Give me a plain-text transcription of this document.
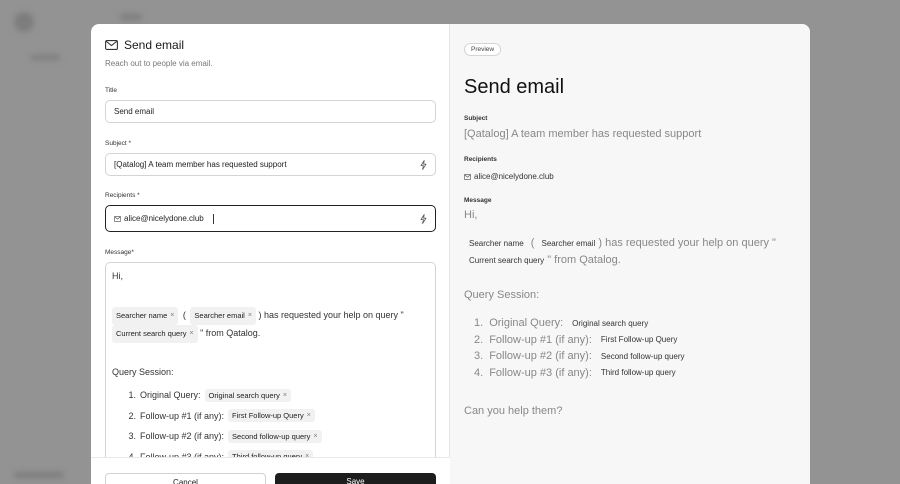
Send email
Reach out to people via email.
Title
Send email
Subject *
[Qatalog] A team member has requested support
Recipients *
alice@nicelydone.club
Message*
Hi,
Searcher name × ( Searcher email × ) has requested your help on query "
Current search query × " from Qatalog.
Query Session:
1. Original Query: Original search query ×
2. Follow-up #1 (if any): First Follow-up Query ×
3. Follow-up #2 (if any): Second follow-up query ×
Cancel	Save
Preview
Send email
Subject
[Qatalog] A team member has requested support
Recipients
alice@nicelydone.club
Message
Hi,
Searcher name ( Searcher email ) has requested your help on query " Current search query " from Qatalog.
Query Session:
1. Original Query: Original search query
2. Follow-up #1 (if any): First Follow-up Query
3. Follow-up #2 (if any): Second follow-up query
4. Follow-up #3 (if any): Third follow-up query
Can you help them?
